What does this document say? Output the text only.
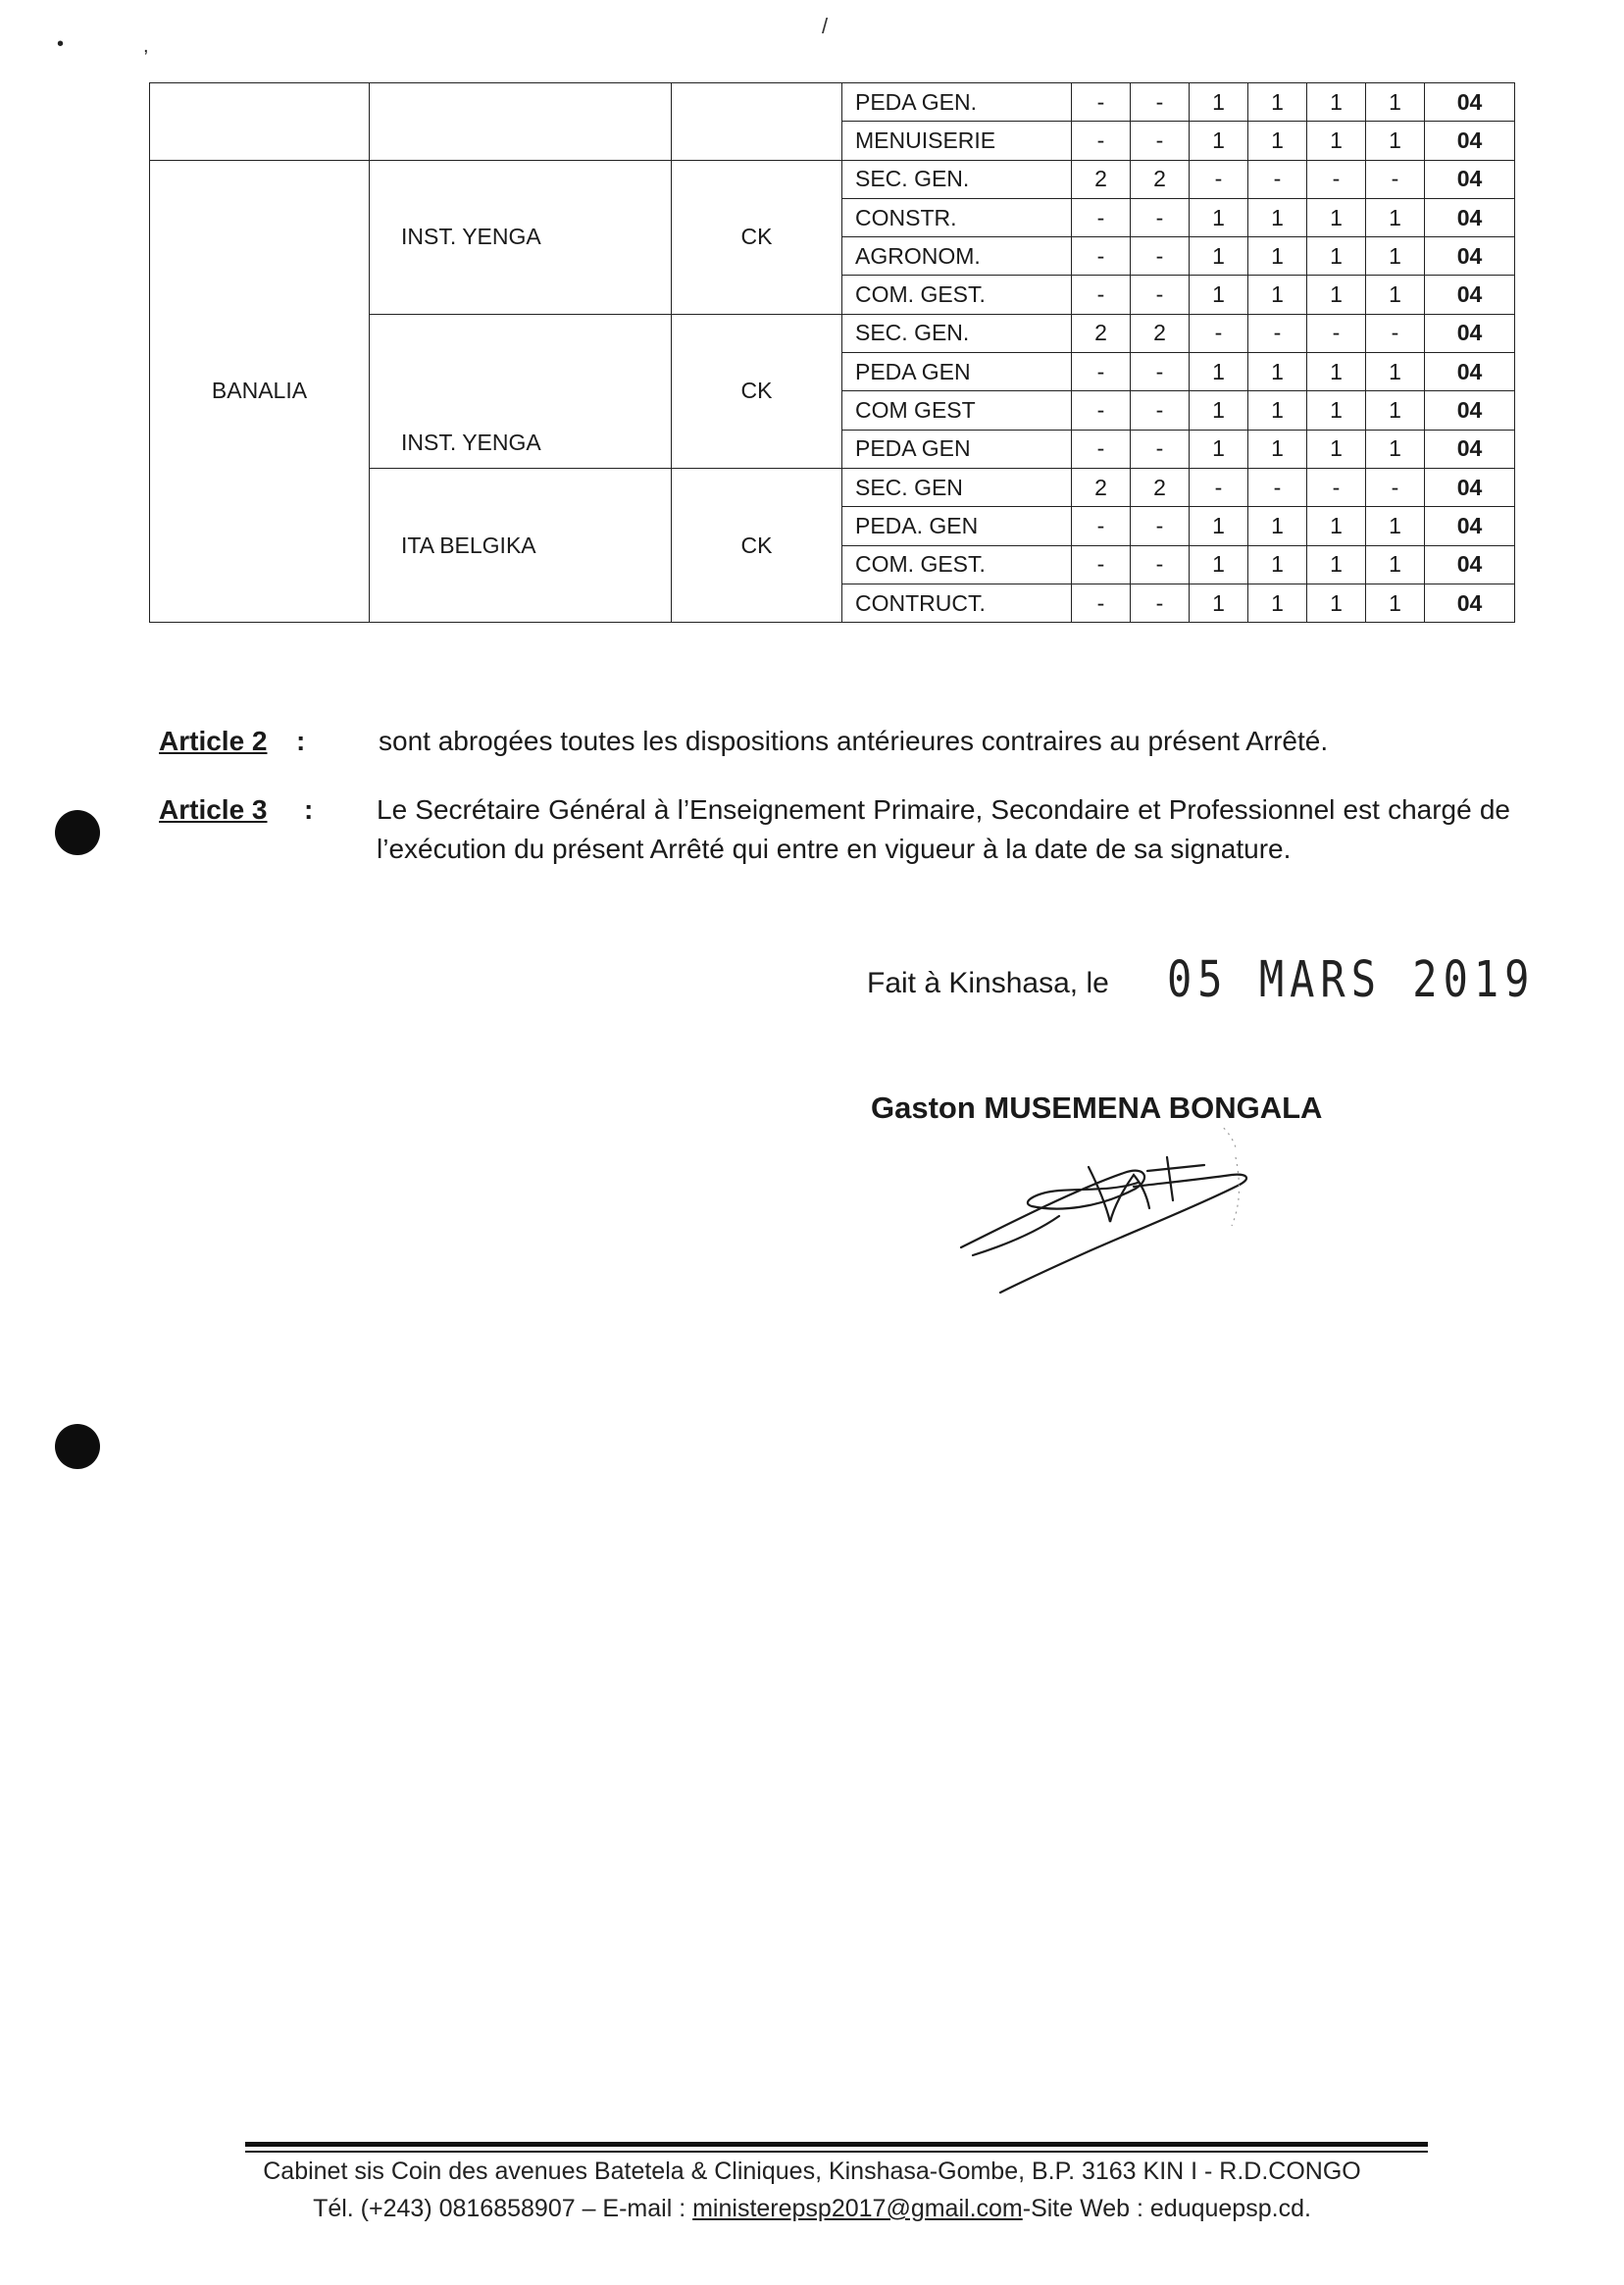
/
•	,
			PEDA GEN.	-	-	1	1	1	1	04
			MENUISERIE	-	-	1	1	1	1	04
BANALIA	INST. YENGA	CK	SEC. GEN.	2	2	-	-	-	-	04
			CONSTR.	-	-	1	1	1	1	04
			AGRONOM.	-	-	1	1	1	1	04
			COM. GEST.	-	-	1	1	1	1	04
	INST. YENGA	CK	SEC. GEN.	2	2	-	-	-	-	04
			PEDA GEN	-	-	1	1	1	1	04
			COM GEST	-	-	1	1	1	1	04
			PEDA GEN	-	-	1	1	1	1	04
	ITA BELGIKA	CK	SEC. GEN	2	2	-	-	-	-	04
			PEDA. GEN	-	-	1	1	1	1	04
			COM. GEST.	-	-	1	1	1	1	04
			CONTRUCT.	-	-	1	1	1	1	04
Article 2 :	sont abrogées toutes les dispositions antérieures contraires au présent Arrêté.
Article 3 : Le Secrétaire Général à l’Enseignement Primaire, Secondaire et Professionnel est chargé de l’exécution du présent Arrêté qui entre en vigueur à la date de sa signature.
Fait à Kinshasa, le 05 MARS 2019
Gaston MUSEMENA BONGALA
Cabinet sis Coin des avenues Batetela & Cliniques, Kinshasa-Gombe, B.P. 3163 KIN I - R.D.CONGO
Tél. (+243) 0816858907 – E-mail : ministerepsp2017@gmail.com-Site Web : eduquepsp.cd.
